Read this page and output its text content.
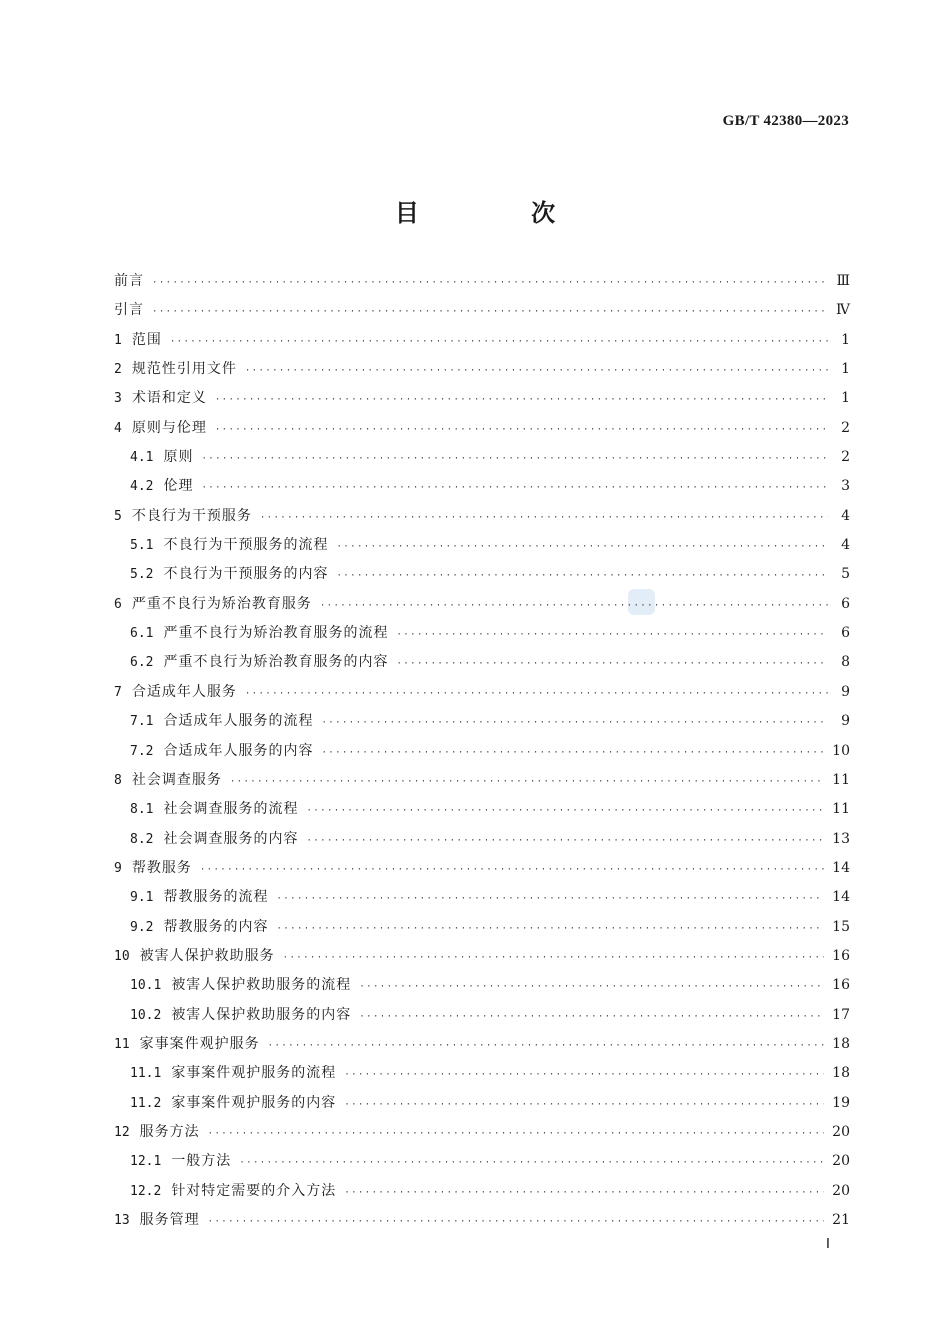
GB/T 42380—2023
目 次
前言 ·····	Ⅲ
引言 ·····	Ⅳ
1 范围 ·····	1
2 规范性引用文件 ·····	1
3 术语和定义 ·····	1
4 原则与伦理 ·····	2
4.1 原则 ·····	2
4.2 伦理 ·····	3
5 不良行为干预服务 ·····	4
5.1 不良行为干预服务的流程 ·····	4
5.2 不良行为干预服务的内容 ·····	5
6 严重不良行为矫治教育服务 ·····	6
6.1 严重不良行为矫治教育服务的流程 ·····	6
6.2 严重不良行为矫治教育服务的内容 ·····	8
7 合适成年人服务 ·····	9
7.1 合适成年人服务的流程 ·····	9
7.2 合适成年人服务的内容 ·····	10
8 社会调查服务 ·····	11
8.1 社会调查服务的流程 ·····	11
8.2 社会调查服务的内容 ·····	13
9 帮教服务 ·····	14
9.1 帮教服务的流程 ·····	14
9.2 帮教服务的内容 ·····	15
10 被害人保护救助服务 ·····	16
10.1 被害人保护救助服务的流程 ·····	16
10.2 被害人保护救助服务的内容 ·····	17
11 家事案件观护服务 ·····	18
11.1 家事案件观护服务的流程 ·····	18
11.2 家事案件观护服务的内容 ·····	19
12 服务方法 ·····	20
12.1 一般方法 ·····	20
12.2 针对特定需要的介入方法 ·····	20
13 服务管理 ·····	21
Ⅰ
